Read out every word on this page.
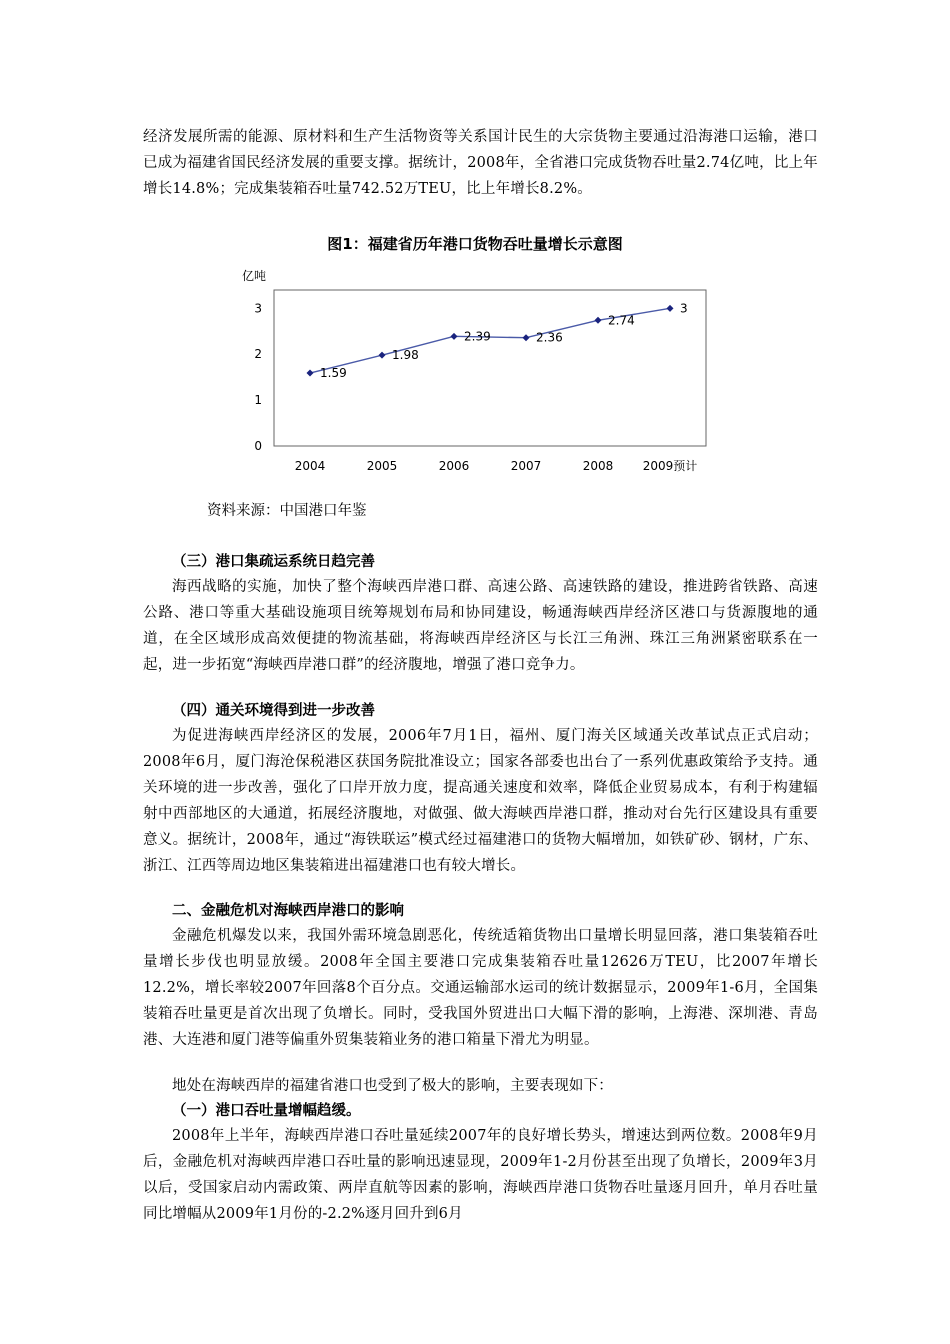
经济发展所需的能源、原材料和生产生活物资等关系国计民生的大宗货物主要通过沿海港口运输，港口已成为福建省国民经济发展的重要支撑。据统计，2008年，全省港口完成货物吞吐量2.74亿吨，比上年增长14.8%；完成集装箱吞吐量742.52万TEU，比上年增长8.2%。

图1：福建省历年港口货物吞吐量增长示意图
亿吨
0
1
2
3
2004	2005	2006	2007	2008 2009预计
1.59
1.98
2.39	2.36
2.74
3
资料来源：中国港口年鉴
（三）港口集疏运系统日趋完善

海西战略的实施，加快了整个海峡西岸港口群、高速公路、高速铁路的建设，推进跨省铁路、高速公路、港口等重大基础设施项目统筹规划布局和协同建设，畅通海峡西岸经济区港口与货源腹地的通道，在全区域形成高效便捷的物流基础，将海峡西岸经济区与长江三角洲、珠江三角洲紧密联系在一起，进一步拓宽“海峡西岸港口群”的经济腹地，增强了港口竞争力。

（四）通关环境得到进一步改善

为促进海峡西岸经济区的发展，2006年7月1日，福州、厦门海关区域通关改革试点正式启动；2008年6月，厦门海沧保税港区获国务院批准设立；国家各部委也出台了一系列优惠政策给予支持。通关环境的进一步改善，强化了口岸开放力度，提高通关速度和效率，降低企业贸易成本，有利于构建辐射中西部地区的大通道，拓展经济腹地，对做强、做大海峡西岸港口群，推动对台先行区建设具有重要意义。据统计，2008年，通过“海铁联运”模式经过福建港口的货物大幅增加，如铁矿砂、钢材，广东、浙江、江西等周边地区集装箱进出福建港口也有较大增长。

二、金融危机对海峡西岸港口的影响

金融危机爆发以来，我国外需环境急剧恶化，传统适箱货物出口量增长明显回落，港口集装箱吞吐量增长步伐也明显放缓。2008年全国主要港口完成集装箱吞吐量12626万TEU，比2007年增长12.2%，增长率较2007年回落8个百分点。交通运输部水运司的统计数据显示，2009年1-6月，全国集装箱吞吐量更是首次出现了负增长。同时，受我国外贸进出口大幅下滑的影响，上海港、深圳港、青岛港、大连港和厦门港等偏重外贸集装箱业务的港口箱量下滑尤为明显。

地处在海峡西岸的福建省港口也受到了极大的影响，主要表现如下：

（一）港口吞吐量增幅趋缓。

2008年上半年，海峡西岸港口吞吐量延续2007年的良好增长势头，增速达到两位数。2008年9月后，金融危机对海峡西岸港口吞吐量的影响迅速显现，2009年1-2月份甚至出现了负增长，2009年3月以后，受国家启动内需政策、两岸直航等因素的影响，海峡西岸港口货物吞吐量逐月回升，单月吞吐量同比增幅从2009年1月份的-2.2%逐月回升到6月
